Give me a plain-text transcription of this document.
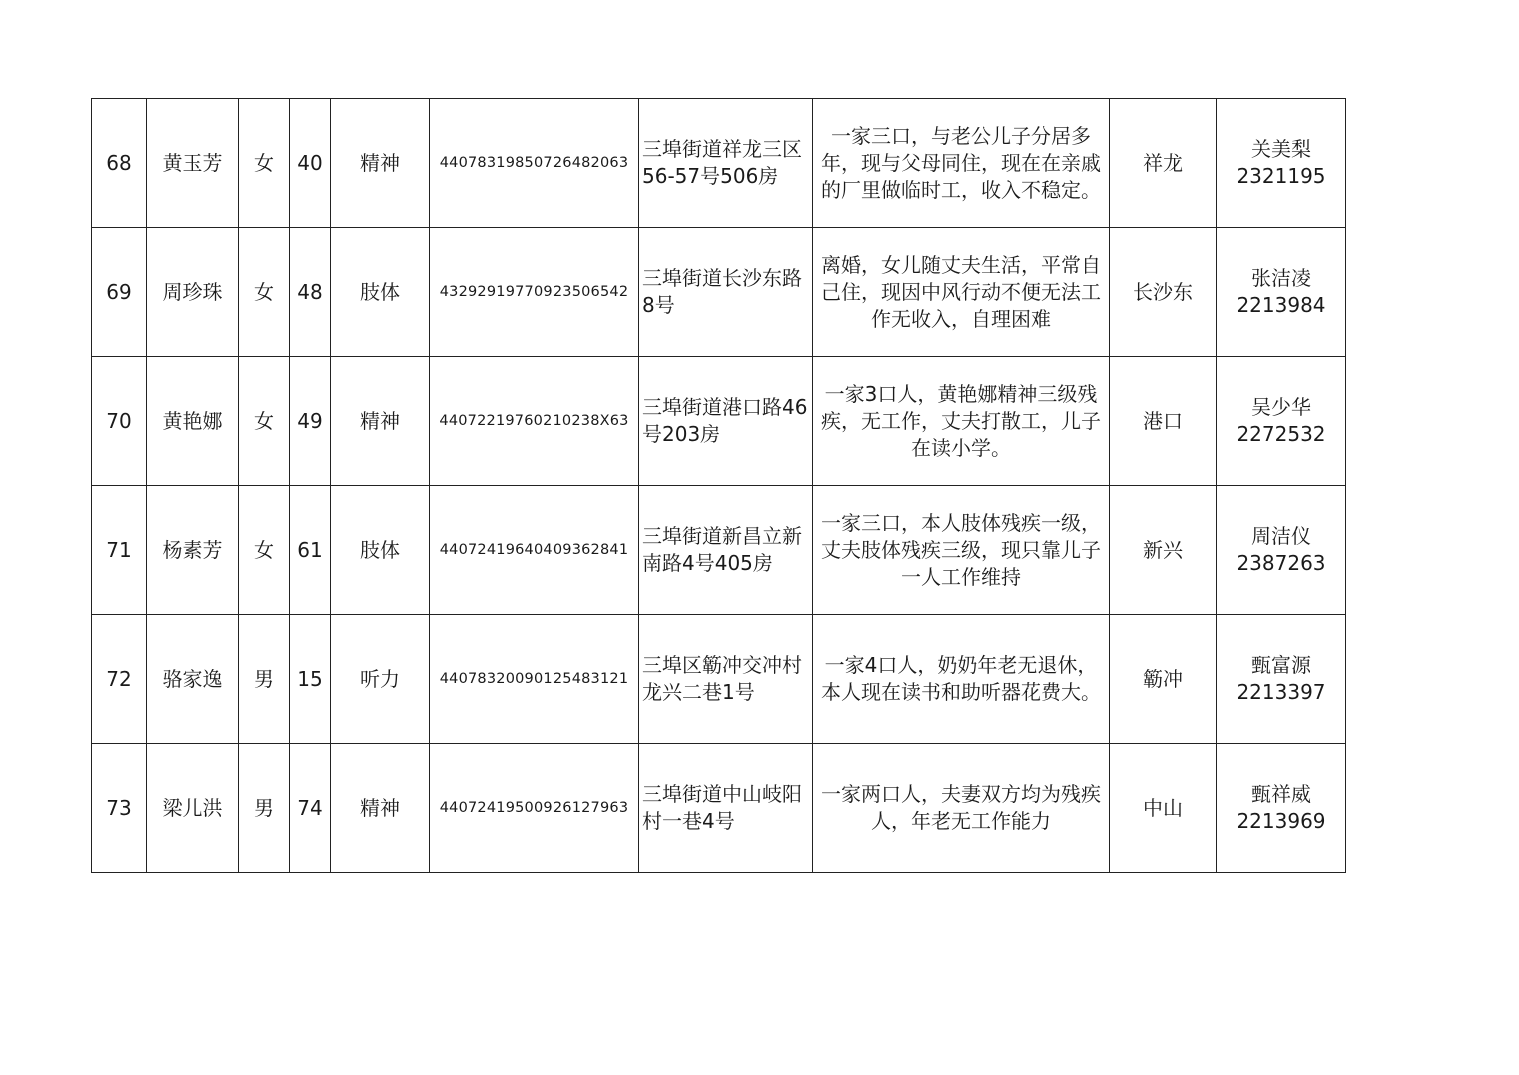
68	黄玉芳	女	40	精神	44078319850726482063	三埠街道祥龙三区56-57号506房	一家三口，与老公儿子分居多年，现与父母同住，现在在亲戚的厂里做临时工，收入不稳定。	祥龙	关美梨
2321195

69	周珍珠	女	48	肢体	43292919770923506542	三埠街道长沙东路8号	离婚，女儿随丈夫生活，平常自己住，现因中风行动不便无法工作无收入，自理困难	长沙东	张洁凌
2213984

70	黄艳娜	女	49	精神	44072219760210238X63	三埠街道港口路46号203房	一家3口人，黄艳娜精神三级残疾，无工作，丈夫打散工，儿子在读小学。	港口	吴少华
2272532

71	杨素芳	女	61	肢体	44072419640409362841	三埠街道新昌立新南路4号405房	一家三口，本人肢体残疾一级，丈夫肢体残疾三级，现只靠儿子一人工作维持	新兴	周洁仪
2387263

72	骆家逸	男	15	听力	44078320090125483121	三埠区簕冲交冲村龙兴二巷1号	一家4口人，奶奶年老无退休，本人现在读书和助听器花费大。	簕冲	甄富源
2213397

73	梁儿洪	男	74	精神	44072419500926127963	三埠街道中山岐阳村一巷4号	一家两口人，夫妻双方均为残疾人，年老无工作能力	中山	甄祥威
2213969
